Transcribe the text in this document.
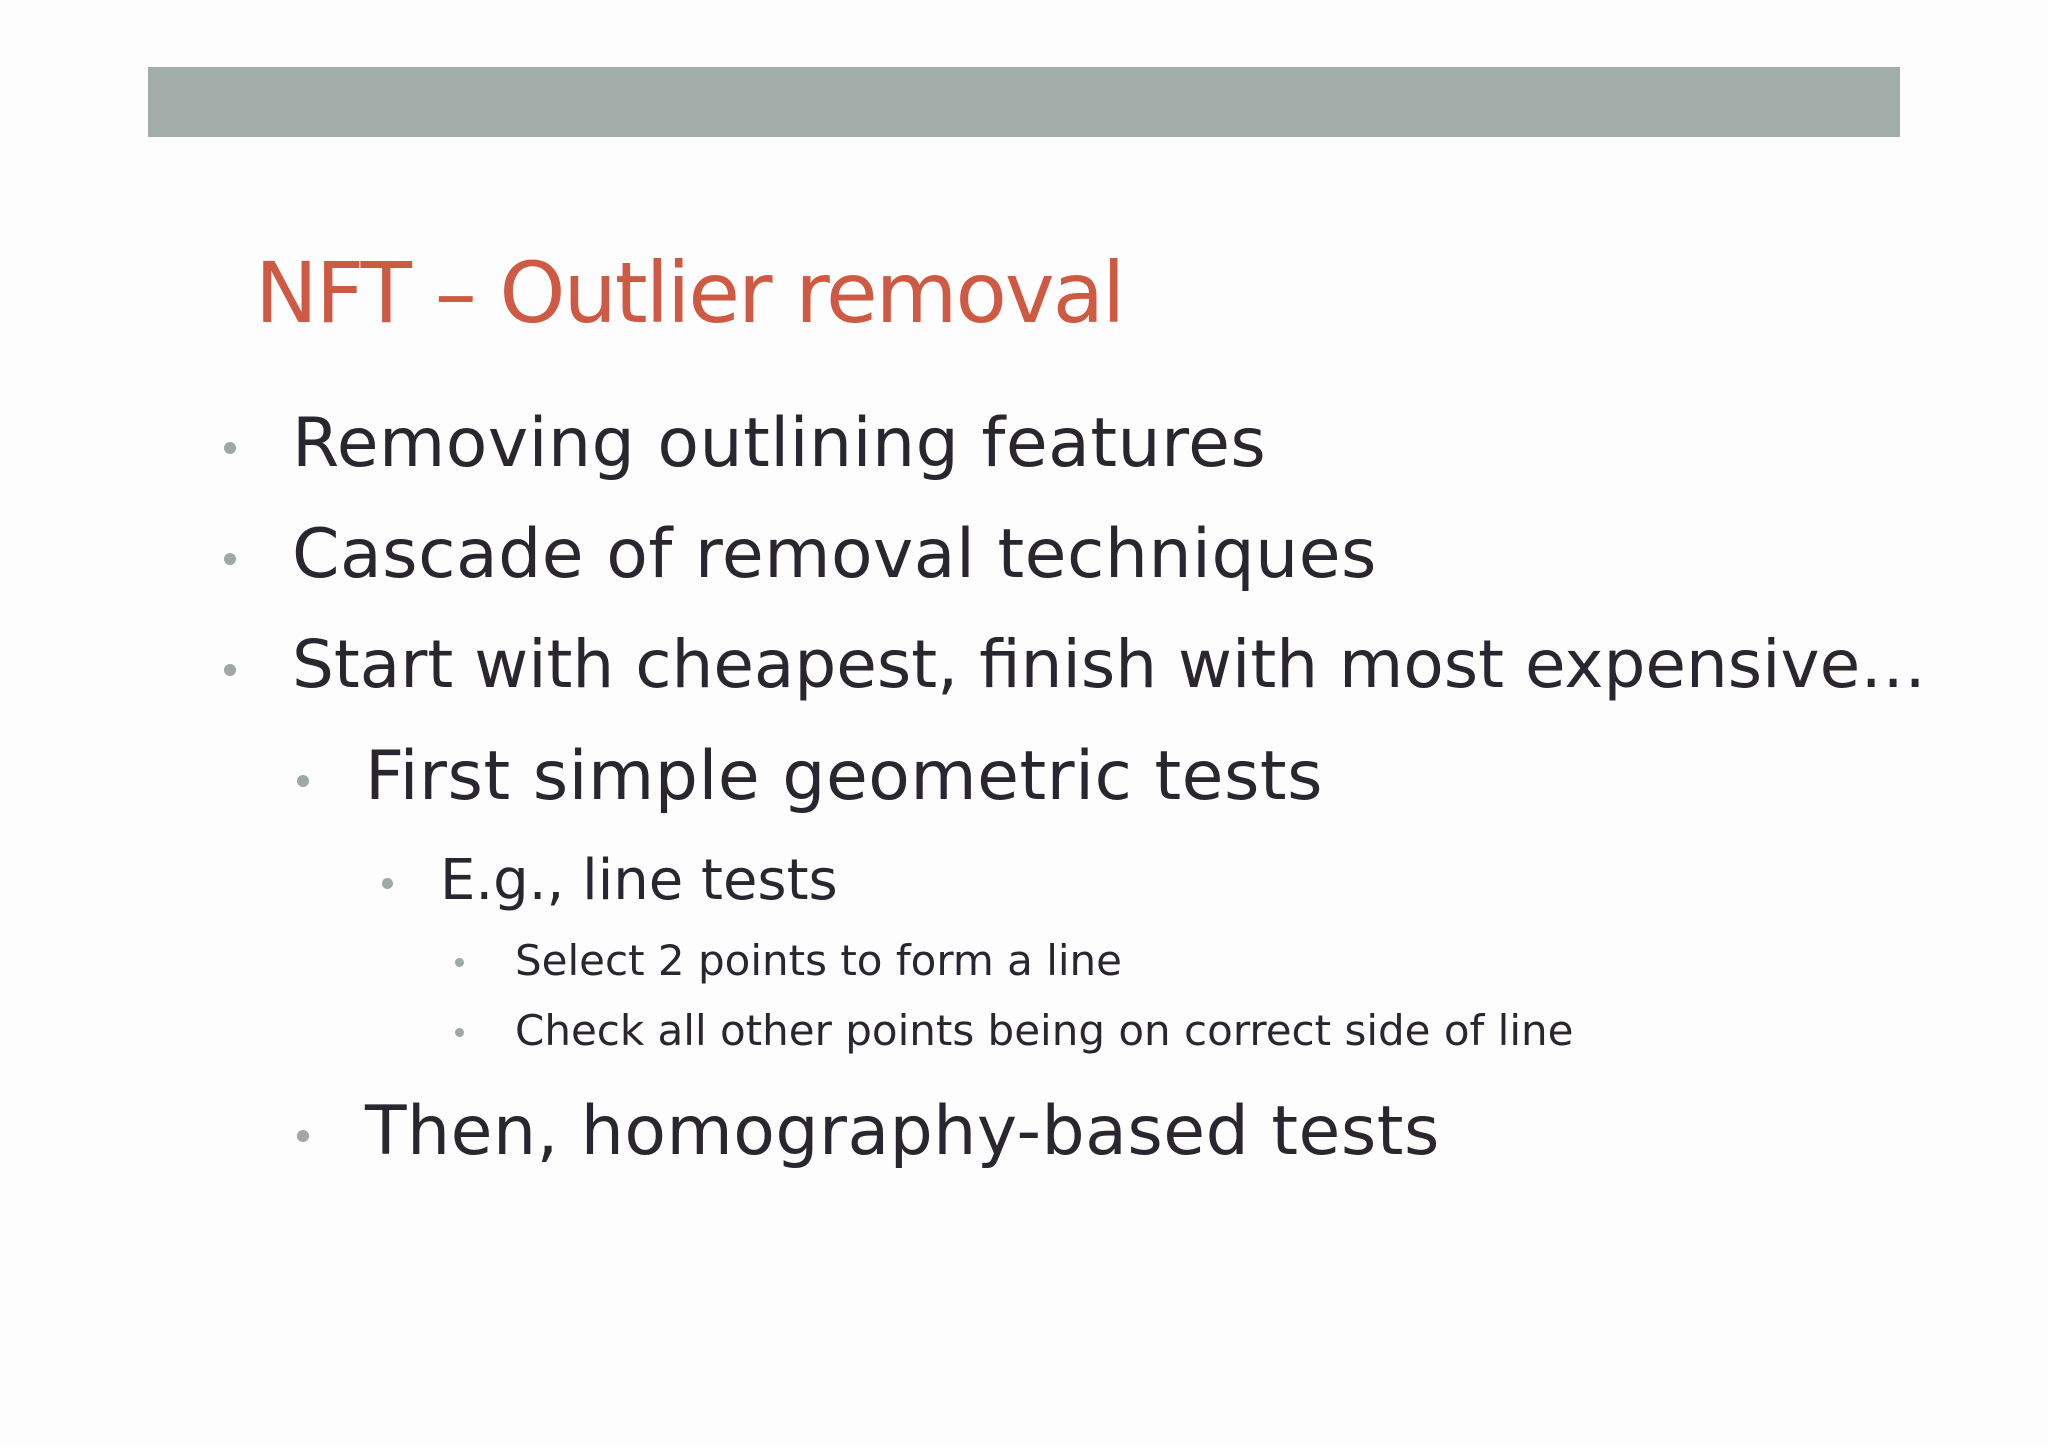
NFT – Outlier removal
Removing outlining features
Cascade of removal techniques
Start with cheapest, finish with most expensive…
First simple geometric tests
E.g., line tests
Select 2 points to form a line
Check all other points being on correct side of line
Then, homography-based tests
